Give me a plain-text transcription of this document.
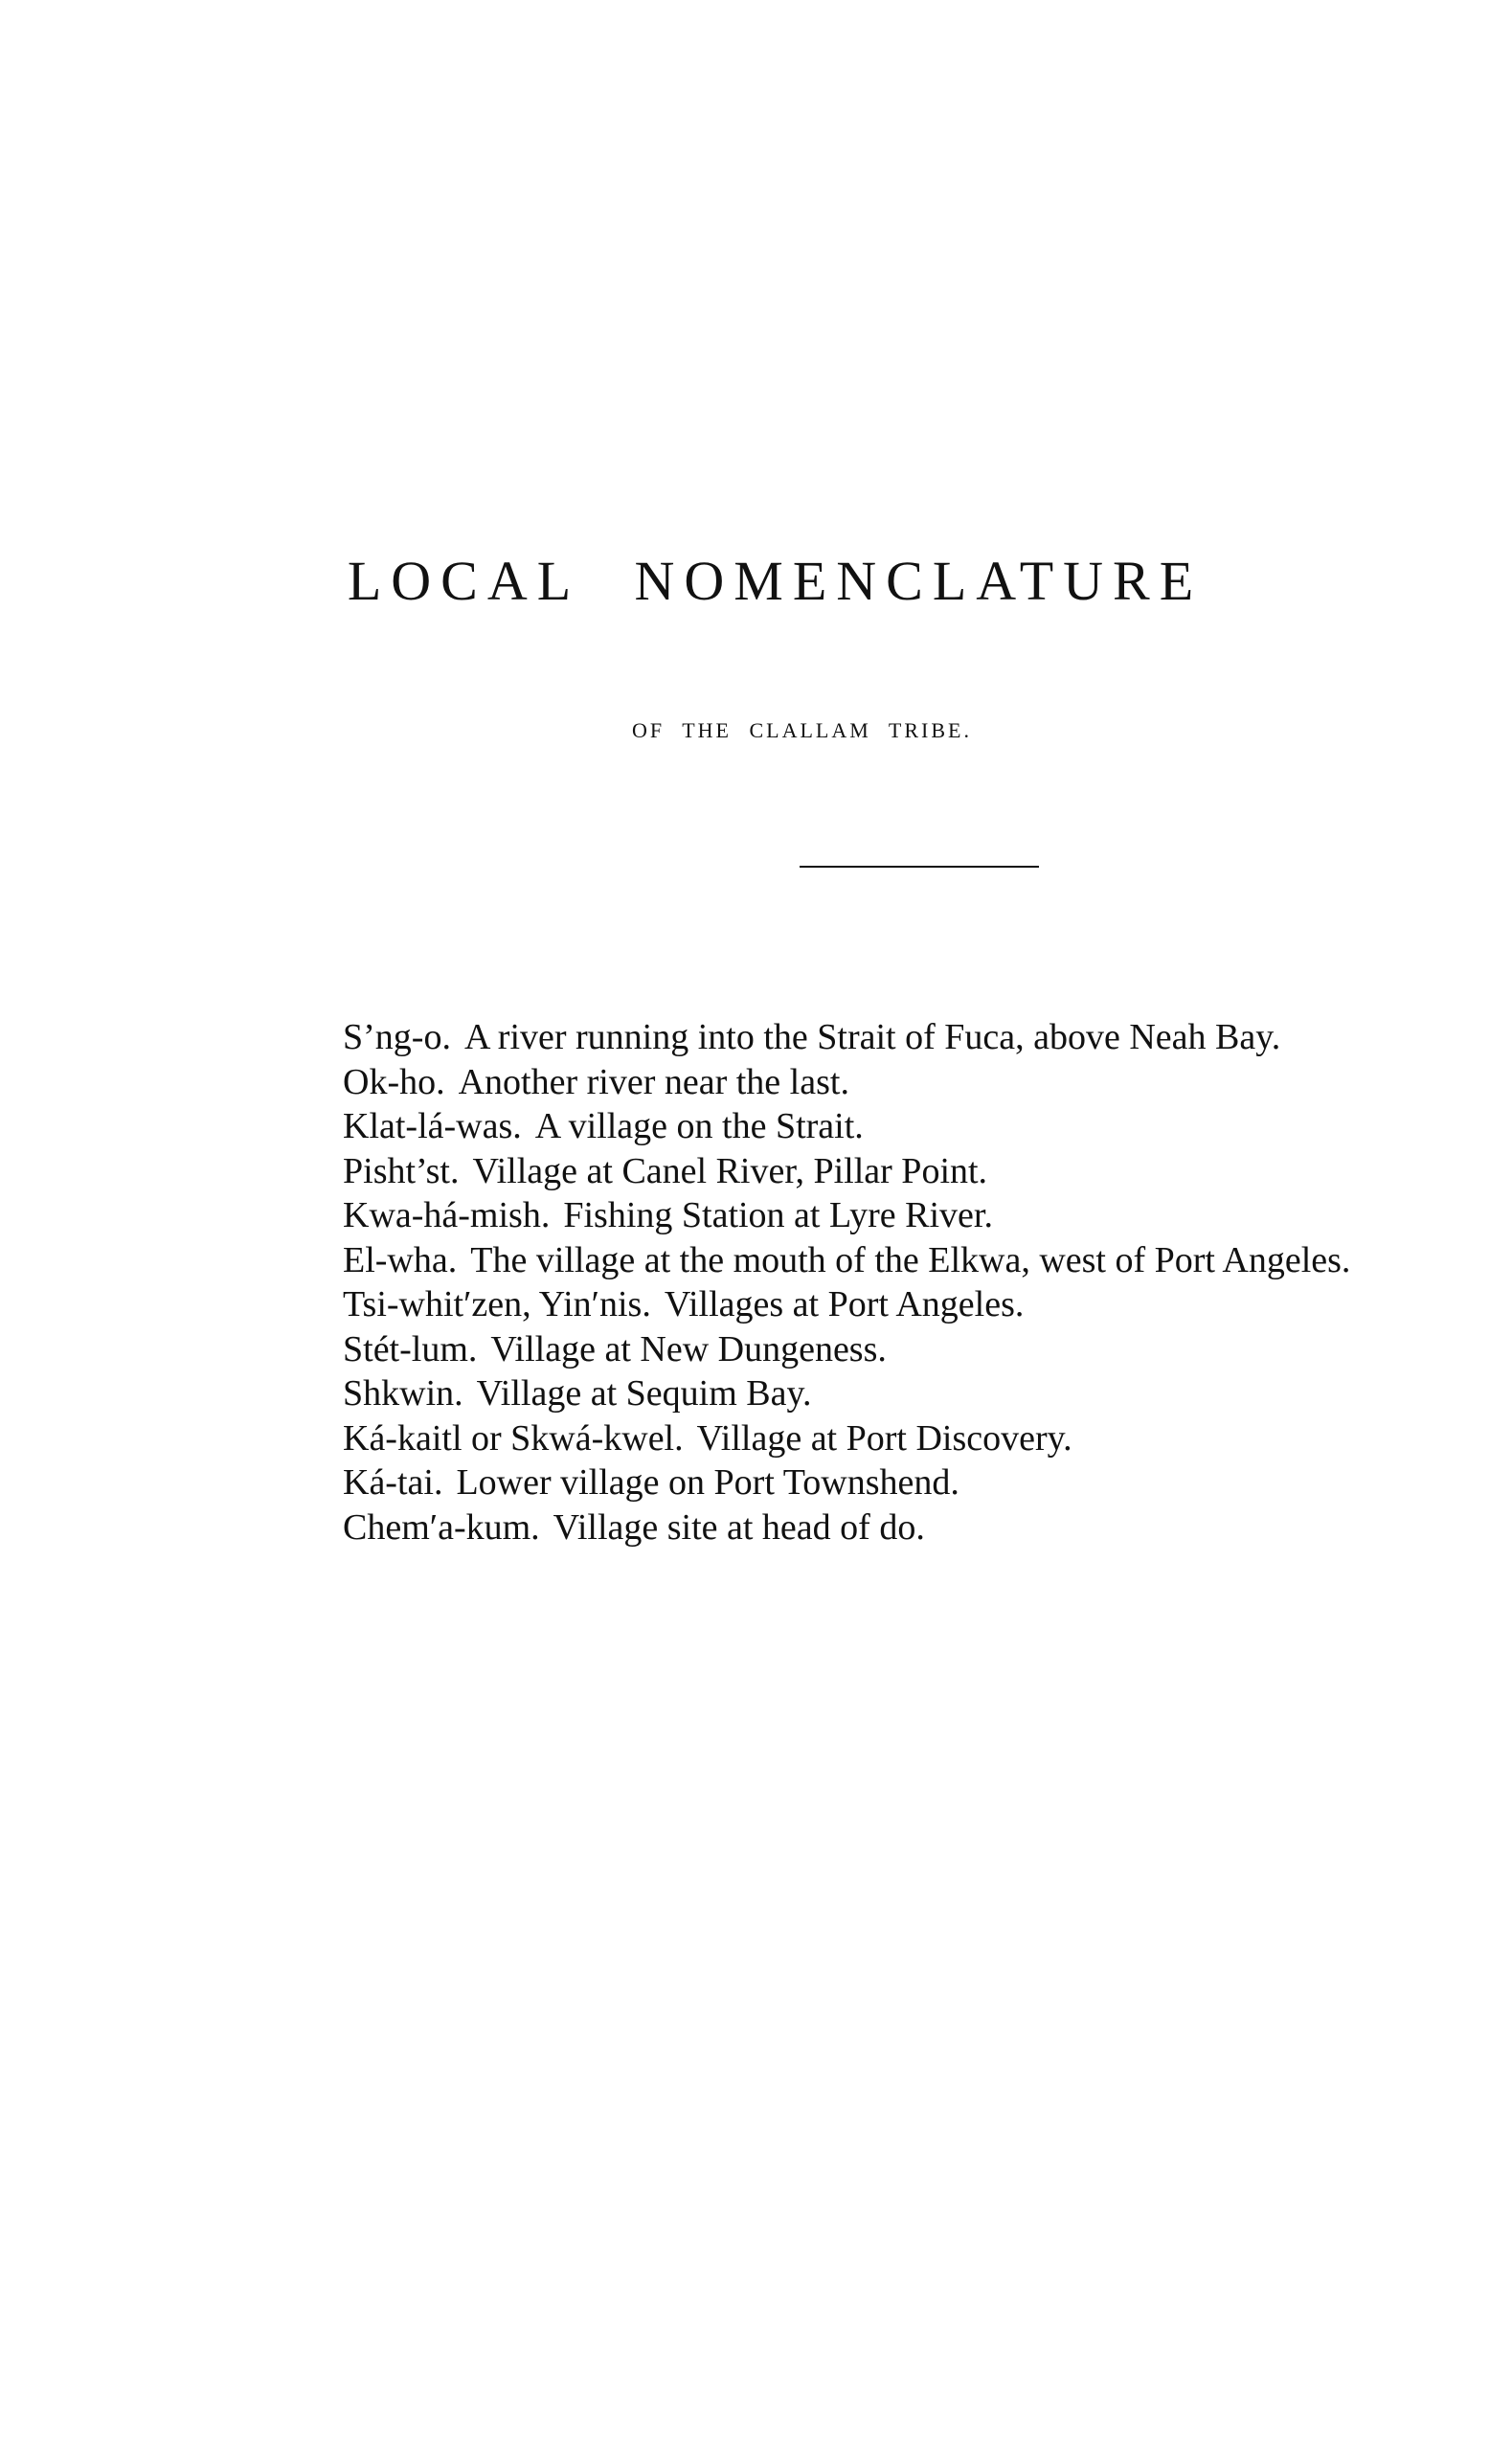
LOCAL NOMENCLATURE
OF THE CLALLAM TRIBE.
S’ng-o. A river running into the Strait of Fuca, above Neah Bay.
Ok-ho. Another river near the last.
Klat-lá-was. A village on the Strait.
Pisht’st. Village at Canel River, Pillar Point.
Kwa-há-mish. Fishing Station at Lyre River.
El-wha. The village at the mouth of the Elkwa, west of Port Angeles.
Tsi-whit′zen, Yin′nis. Villages at Port Angeles.
Stét-lum. Village at New Dungeness.
Shkwin. Village at Sequim Bay.
Ká-kaitl or Skwá-kwel. Village at Port Discovery.
Ká-tai. Lower village on Port Townshend.
Chem′a-kum. Village site at head of do.
